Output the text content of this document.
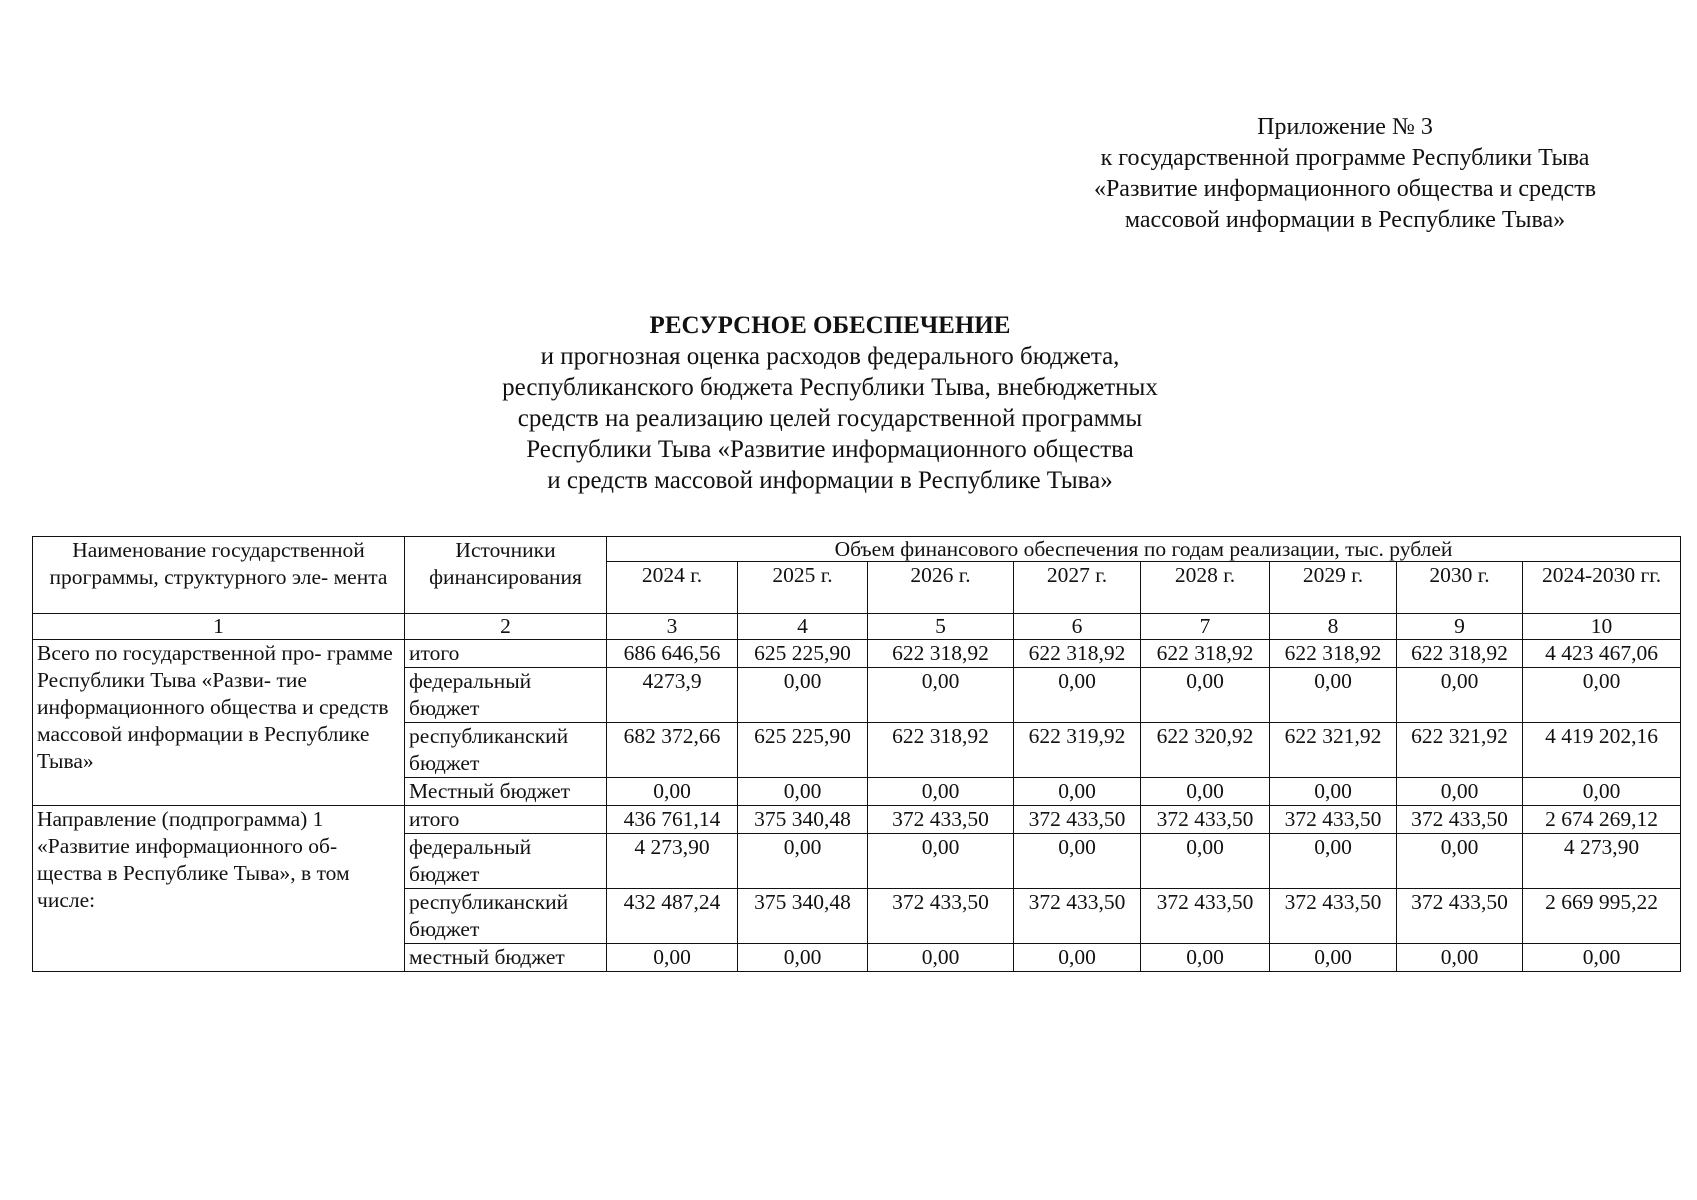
Приложение № 3
к государственной программе Республики Тыва
«Развитие информационного общества и средств
массовой информации в Республике Тыва»
РЕСУРСНОЕ ОБЕСПЕЧЕНИЕ
и прогнозная оценка расходов федерального бюджета,
республиканского бюджета Республики Тыва, внебюджетных
средств на реализацию целей государственной программы
Республики Тыва «Развитие информационного общества
и средств массовой информации в Республике Тыва»
Наименование государственной программы, структурного эле- мента	Источники финансирования	Объем финансового обеспечения по годам реализации, тыс. рублей							
		2024 г.	2025 г.	2026 г.	2027 г.	2028 г.	2029 г.	2030 г.	2024-2030 гг.
1	2	3	4	5	6	7	8	9	10
Всего по государственной про- грамме Республики Тыва «Разви- тие информационного общества и средств массовой информации в Республике Тыва»	итого	686 646,56	625 225,90	622 318,92	622 318,92	622 318,92	622 318,92	622 318,92	4 423 467,06
	федеральный бюджет	4273,9	0,00	0,00	0,00	0,00	0,00	0,00	0,00
	республиканский бюджет	682 372,66	625 225,90	622 318,92	622 319,92	622 320,92	622 321,92	622 321,92	4 419 202,16
	Местный бюджет	0,00	0,00	0,00	0,00	0,00	0,00	0,00	0,00
Направление (подпрограмма) 1 «Развитие информационного об- щества в Республике Тыва», в том числе:	итого	436 761,14	375 340,48	372 433,50	372 433,50	372 433,50	372 433,50	372 433,50	2 674 269,12
	федеральный бюджет	4 273,90	0,00	0,00	0,00	0,00	0,00	0,00	4 273,90
	республиканский бюджет	432 487,24	375 340,48	372 433,50	372 433,50	372 433,50	372 433,50	372 433,50	2 669 995,22
	местный бюджет	0,00	0,00	0,00	0,00	0,00	0,00	0,00	0,00
